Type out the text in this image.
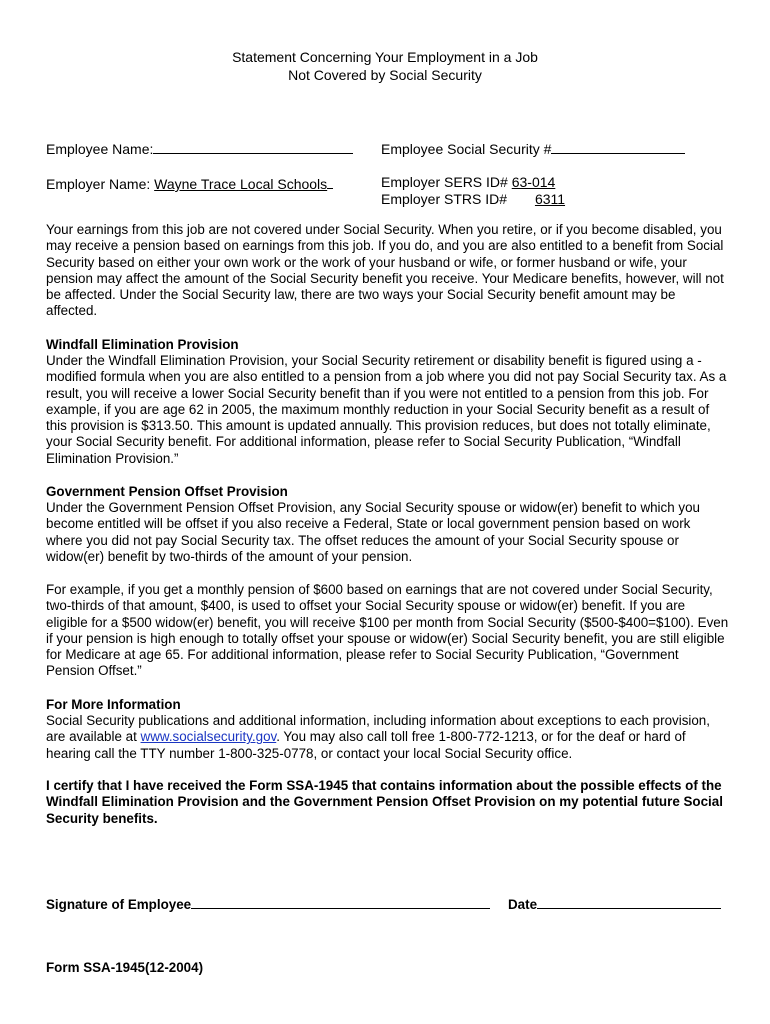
Statement Concerning Your Employment in a Job
Not Covered by Social Security
Employee Name:	Employee Social Security #
Employer Name: Wayne Trace Local Schools	Employer SERS ID# 63-014
Employer STRS ID# 6311

Your earnings from this job are not covered under Social Security. When you retire, or if you become disabled, you may receive a pension based on earnings from this job. If you do, and you are also entitled to a benefit from Social Security based on either your own work or the work of your husband or wife, or former husband or wife, your pension may affect the amount of the Social Security benefit you receive. Your Medicare benefits, however, will not be affected. Under the Social Security law, there are two ways your Social Security benefit amount may be affected.

Windfall Elimination Provision

Under the Windfall Elimination Provision, your Social Security retirement or disability benefit is figured using a -modified formula when you are also entitled to a pension from a job where you did not pay Social Security tax. As a result, you will receive a lower Social Security benefit than if you were not entitled to a pension from this job. For example, if you are age 62 in 2005, the maximum monthly reduction in your Social Security benefit as a result of this provision is $313.50. This amount is updated annually. This provision reduces, but does not totally eliminate, your Social Security benefit. For additional information, please refer to Social Security Publication, “Windfall Elimination Provision.”

Government Pension Offset Provision

Under the Government Pension Offset Provision, any Social Security spouse or widow(er) benefit to which you become entitled will be offset if you also receive a Federal, State or local government pension based on work where you did not pay Social Security tax. The offset reduces the amount of your Social Security spouse or widow(er) benefit by two-thirds of the amount of your pension.

For example, if you get a monthly pension of $600 based on earnings that are not covered under Social Security, two-thirds of that amount, $400, is used to offset your Social Security spouse or widow(er) benefit. If you are eligible for a $500 widow(er) benefit, you will receive $100 per month from Social Security ($500-$400=$100). Even if your pension is high enough to totally offset your spouse or widow(er) Social Security benefit, you are still eligible for Medicare at age 65. For additional information, please refer to Social Security Publication, “Government Pension Offset.”

For More Information

Social Security publications and additional information, including information about exceptions to each provision, are available at www.socialsecurity.gov. You may also call toll free 1-800-772-1213, or for the deaf or hard of hearing call the TTY number 1-800-325-0778, or contact your local Social Security office.

I certify that I have received the Form SSA-1945 that contains information about the possible effects of the Windfall Elimination Provision and the Government Pension Offset Provision on my potential future Social Security benefits.

Signature of Employee	Date
Form SSA-1945(12-2004)
